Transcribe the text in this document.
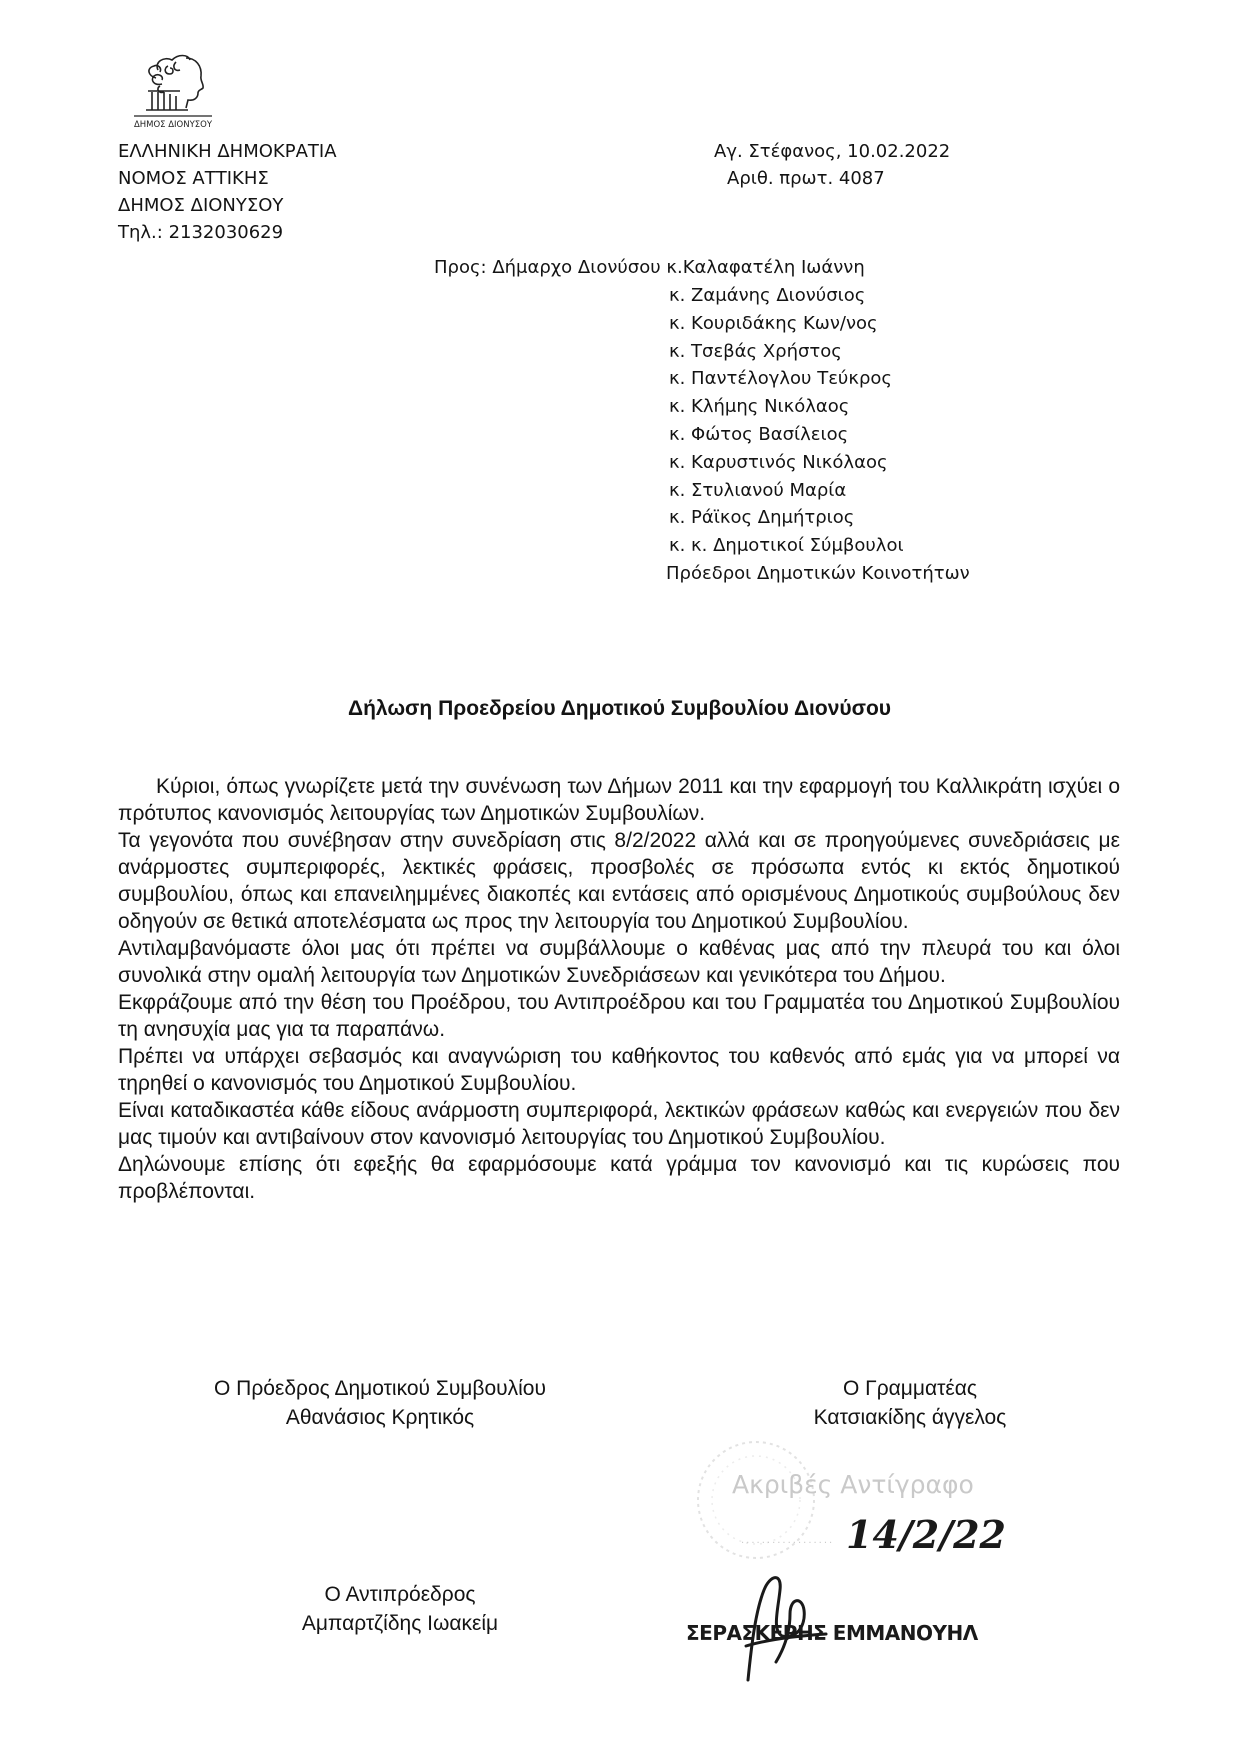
ΔΗΜΟΣ ΔΙΟΝΥΣΟΥ
ΕΛΛΗΝΙΚΗ ΔΗΜΟΚΡΑΤΙΑ
ΝΟΜΟΣ ΑΤΤΙΚΗΣ
ΔΗΜΟΣ ΔΙΟΝΥΣΟΥ
Τηλ.: 2132030629
Αγ. Στέφανος, 10.02.2022
Αριθ. πρωτ. 4087
Προς: Δήμαρχο Διονύσου κ.Καλαφατέλη Ιωάννη
κ. Ζαμάνης Διονύσιος
κ. Κουριδάκης Κων/νος
κ. Τσεβάς Χρήστος
κ. Παντέλογλου Τεύκρος
κ. Κλήμης Νικόλαος
κ. Φώτος Βασίλειος
κ. Καρυστινός Νικόλαος
κ. Στυλιανού Μαρία
κ. Ράϊκος Δημήτριος
κ. κ. Δημοτικοί Σύμβουλοι
Πρόεδροι Δημοτικών Κοινοτήτων
Δήλωση Προεδρείου Δημοτικού Συμβουλίου Διονύσου

Κύριοι, όπως γνωρίζετε μετά την συνένωση των Δήμων 2011 και την εφαρμογή του Καλλικράτη ισχύει ο πρότυπος κανονισμός λειτουργίας των Δημοτικών Συμβουλίων.

Τα γεγονότα που συνέβησαν στην συνεδρίαση στις 8/2/2022 αλλά και σε προηγούμενες συνεδριάσεις με ανάρμοστες συμπεριφορές, λεκτικές φράσεις, προσβολές σε πρόσωπα εντός κι εκτός δημοτικού συμβουλίου, όπως και επανειλημμένες διακοπές και εντάσεις από ορισμένους Δημοτικούς συμβούλους δεν οδηγούν σε θετικά αποτελέσματα ως προς την λειτουργία του Δημοτικού Συμβουλίου.

Αντιλαμβανόμαστε όλοι μας ότι πρέπει να συμβάλλουμε ο καθένας μας από την πλευρά του και όλοι συνολικά στην ομαλή λειτουργία των Δημοτικών Συνεδριάσεων και γενικότερα του Δήμου.

Εκφράζουμε από την θέση του Προέδρου, του Αντιπροέδρου και του Γραμματέα του Δημοτικού Συμβουλίου τη ανησυχία μας για τα παραπάνω.

Πρέπει να υπάρχει σεβασμός και αναγνώριση του καθήκοντος του καθενός από εμάς για να μπορεί να τηρηθεί ο κανονισμός του Δημοτικού Συμβουλίου.

Είναι καταδικαστέα κάθε είδους ανάρμοστη συμπεριφορά, λεκτικών φράσεων καθώς και ενεργειών που δεν μας τιμούν και αντιβαίνουν στον κανονισμό λειτουργίας του Δημοτικού Συμβουλίου.

Δηλώνουμε επίσης ότι εφεξής θα εφαρμόσουμε κατά γράμμα τον κανονισμό και τις κυρώσεις που προβλέπονται.

Ο Πρόεδρος Δημοτικού Συμβουλίου
Αθανάσιος Κρητικός
Ο Γραμματέας
Κατσιακίδης άγγελος
Ο Αντιπρόεδρος
Αμπαρτζίδης Ιωακείμ
Ακριβές Αντίγραφο
.................. 14/2/22
ΣΕΡΑΣΚΕΡΗΣ ΕΜΜΑΝΟΥΗΛ
